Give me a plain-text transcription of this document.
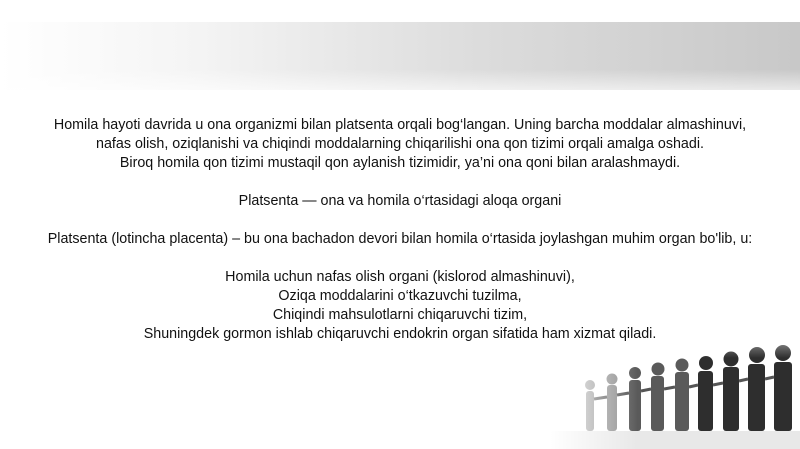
Homila hayoti davrida u ona organizmi bilan platsenta orqali bog‘langan. Uning barcha moddalar almashinuvi, nafas olish, oziqlanishi va chiqindi moddalarning chiqarilishi ona qon tizimi orqali amalga oshadi.

Biroq homila qon tizimi mustaqil qon aylanish tizimidir, ya’ni ona qoni bilan aralashmaydi.

Platsenta — ona va homila o‘rtasidagi aloqa organi

Platsenta (lotincha placenta) – bu ona bachadon devori bilan homila o‘rtasida joylashgan muhim organ bo'lib, u:

Homila uchun nafas olish organi (kislorod almashinuvi),

Oziqa moddalarini o‘tkazuvchi tuzilma,

Chiqindi mahsulotlarni chiqaruvchi tizim,

Shuningdek gormon ishlab chiqaruvchi endokrin organ sifatida ham xizmat qiladi.
